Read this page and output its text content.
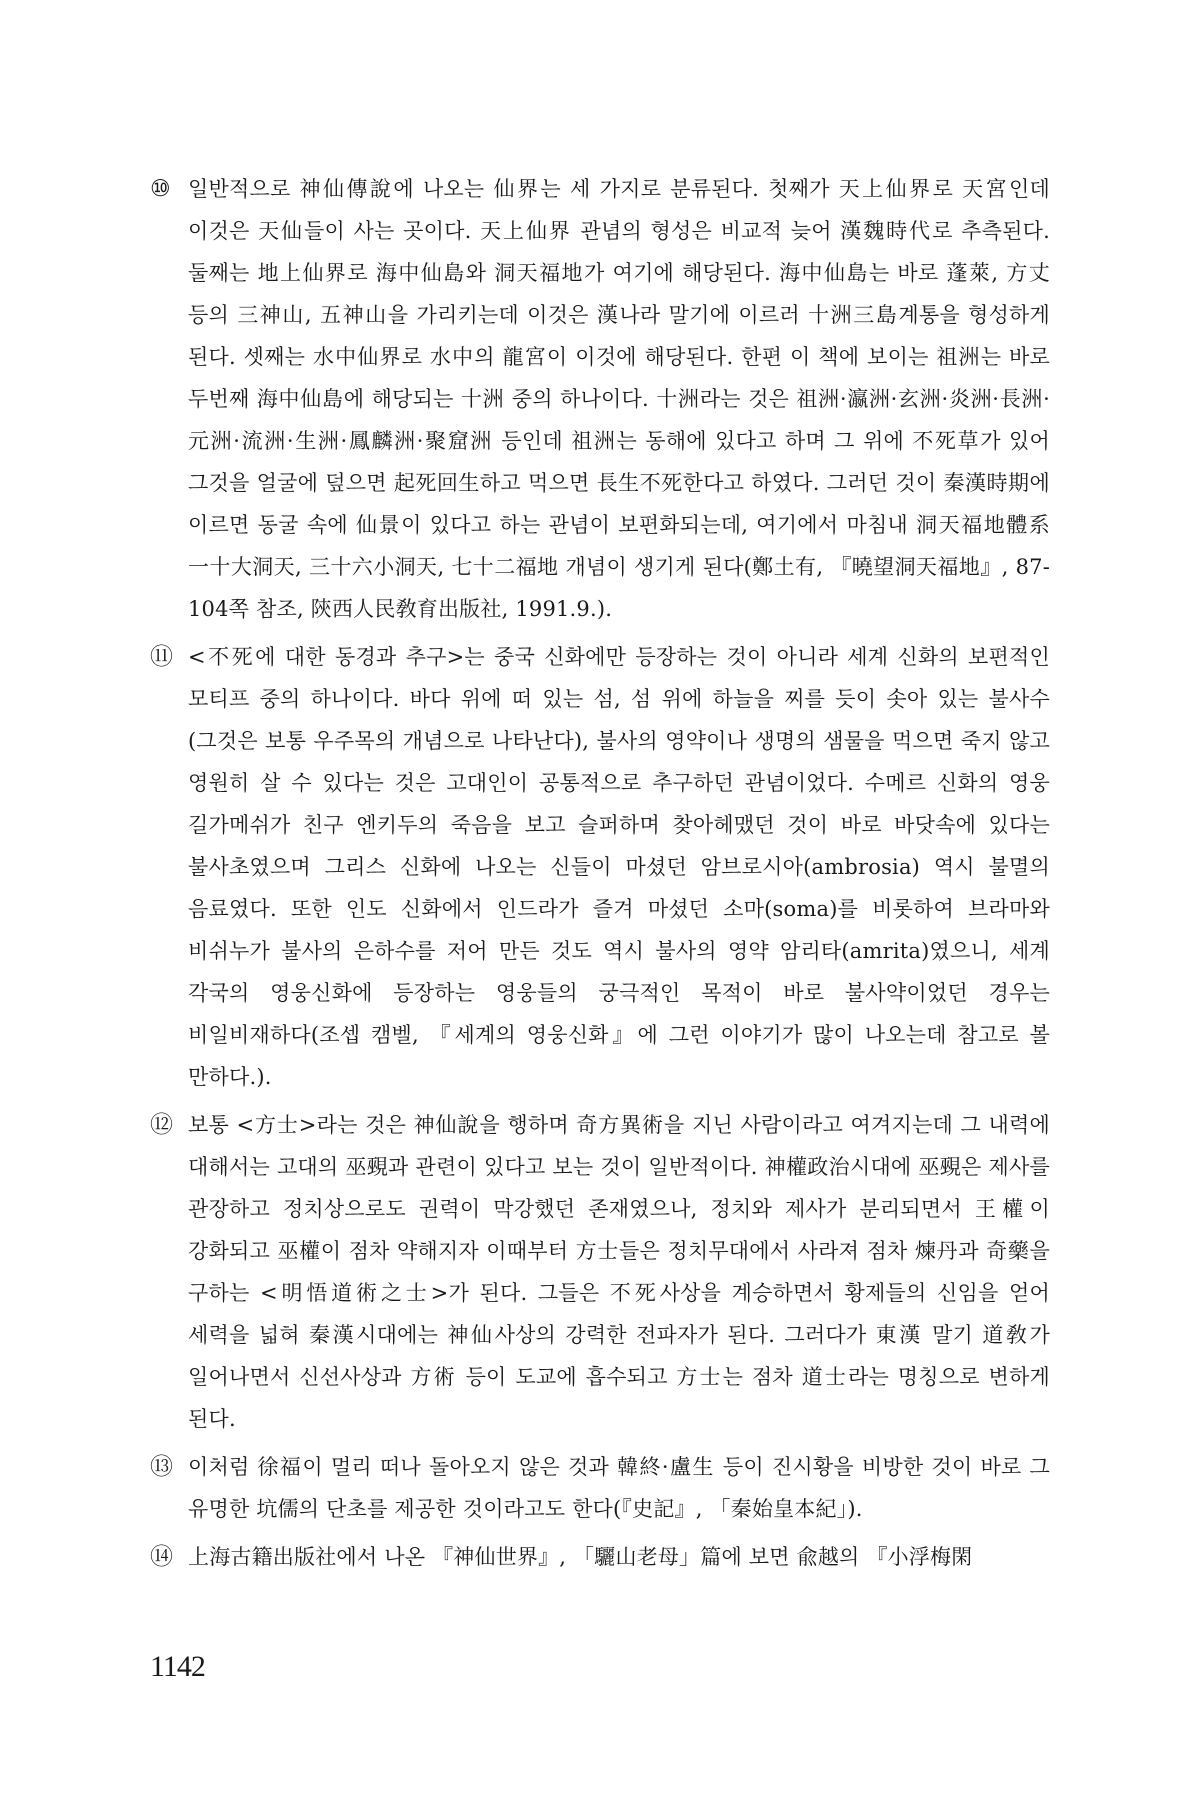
⑩ 일반적으로 神仙傳說에 나오는 仙界는 세 가지로 분류된다. 첫째가 天上仙界로 天宮인데 이것은 天仙들이 사는 곳이다. 天上仙界 관념의 형성은 비교적 늦어 漢魏時代로 추측된다. 둘째는 地上仙界로 海中仙島와 洞天福地가 여기에 해당된다. 海中仙島는 바로 蓬萊, 方丈 등의 三神山, 五神山을 가리키는데 이것은 漢나라 말기에 이르러 十洲三島계통을 형성하게 된다. 셋째는 水中仙界로 水中의 龍宮이 이것에 해당된다. 한편 이 책에 보이는 祖洲는 바로 두번째 海中仙島에 해당되는 十洲 중의 하나이다. 十洲라는 것은 祖洲·瀛洲·玄洲·炎洲·長洲·元洲·流洲·生洲·鳳麟洲·聚窟洲 등인데 祖洲는 동해에 있다고 하며 그 위에 不死草가 있어 그것을 얼굴에 덮으면 起死回生하고 먹으면 長生不死한다고 하였다. 그러던 것이 秦漢時期에 이르면 동굴 속에 仙景이 있다고 하는 관념이 보편화되는데, 여기에서 마침내 洞天福地體系 一十大洞天, 三十六小洞天, 七十二福地 개념이 생기게 된다(鄭土有, 『曉望洞天福地』, 87-104쪽 참조, 陝西人民敎育出版社, 1991.9.).
⑪ <不死에 대한 동경과 추구>는 중국 신화에만 등장하는 것이 아니라 세계 신화의 보편적인 모티프 중의 하나이다. 바다 위에 떠 있는 섬, 섬 위에 하늘을 찌를 듯이 솟아 있는 불사수(그것은 보통 우주목의 개념으로 나타난다), 불사의 영약이나 생명의 샘물을 먹으면 죽지 않고 영원히 살 수 있다는 것은 고대인이 공통적으로 추구하던 관념이었다. 수메르 신화의 영웅 길가메쉬가 친구 엔키두의 죽음을 보고 슬퍼하며 찾아헤맸던 것이 바로 바닷속에 있다는 불사초였으며 그리스 신화에 나오는 신들이 마셨던 암브로시아(ambrosia) 역시 불멸의 음료였다. 또한 인도 신화에서 인드라가 즐겨 마셨던 소마(soma)를 비롯하여 브라마와 비쉬누가 불사의 은하수를 저어 만든 것도 역시 불사의 영약 암리타(amrita)였으니, 세계 각국의 영웅신화에 등장하는 영웅들의 궁극적인 목적이 바로 불사약이었던 경우는 비일비재하다(조셉 캠벨, 『세계의 영웅신화』에 그런 이야기가 많이 나오는데 참고로 볼 만하다.).
⑫ 보통 <方士>라는 것은 神仙說을 행하며 奇方異術을 지닌 사람이라고 여겨지는데 그 내력에 대해서는 고대의 巫覡과 관련이 있다고 보는 것이 일반적이다. 神權政治시대에 巫覡은 제사를 관장하고 정치상으로도 권력이 막강했던 존재였으나, 정치와 제사가 분리되면서 王權이 강화되고 巫權이 점차 약해지자 이때부터 方士들은 정치무대에서 사라져 점차 煉丹과 奇藥을 구하는 <明悟道術之士>가 된다. 그들은 不死사상을 계승하면서 황제들의 신임을 얻어 세력을 넓혀 秦漢시대에는 神仙사상의 강력한 전파자가 된다. 그러다가 東漢 말기 道敎가 일어나면서 신선사상과 方術 등이 도교에 흡수되고 方士는 점차 道士라는 명칭으로 변하게 된다.
⑬ 이처럼 徐福이 멀리 떠나 돌아오지 않은 것과 韓終·盧生 등이 진시황을 비방한 것이 바로 그 유명한 坑儒의 단초를 제공한 것이라고도 한다(『史記』, 「秦始皇本紀」).
⑭ 上海古籍出版社에서 나온 『神仙世界』, 「驪山老母」篇에 보면 兪越의 『小浮梅閑
1142
